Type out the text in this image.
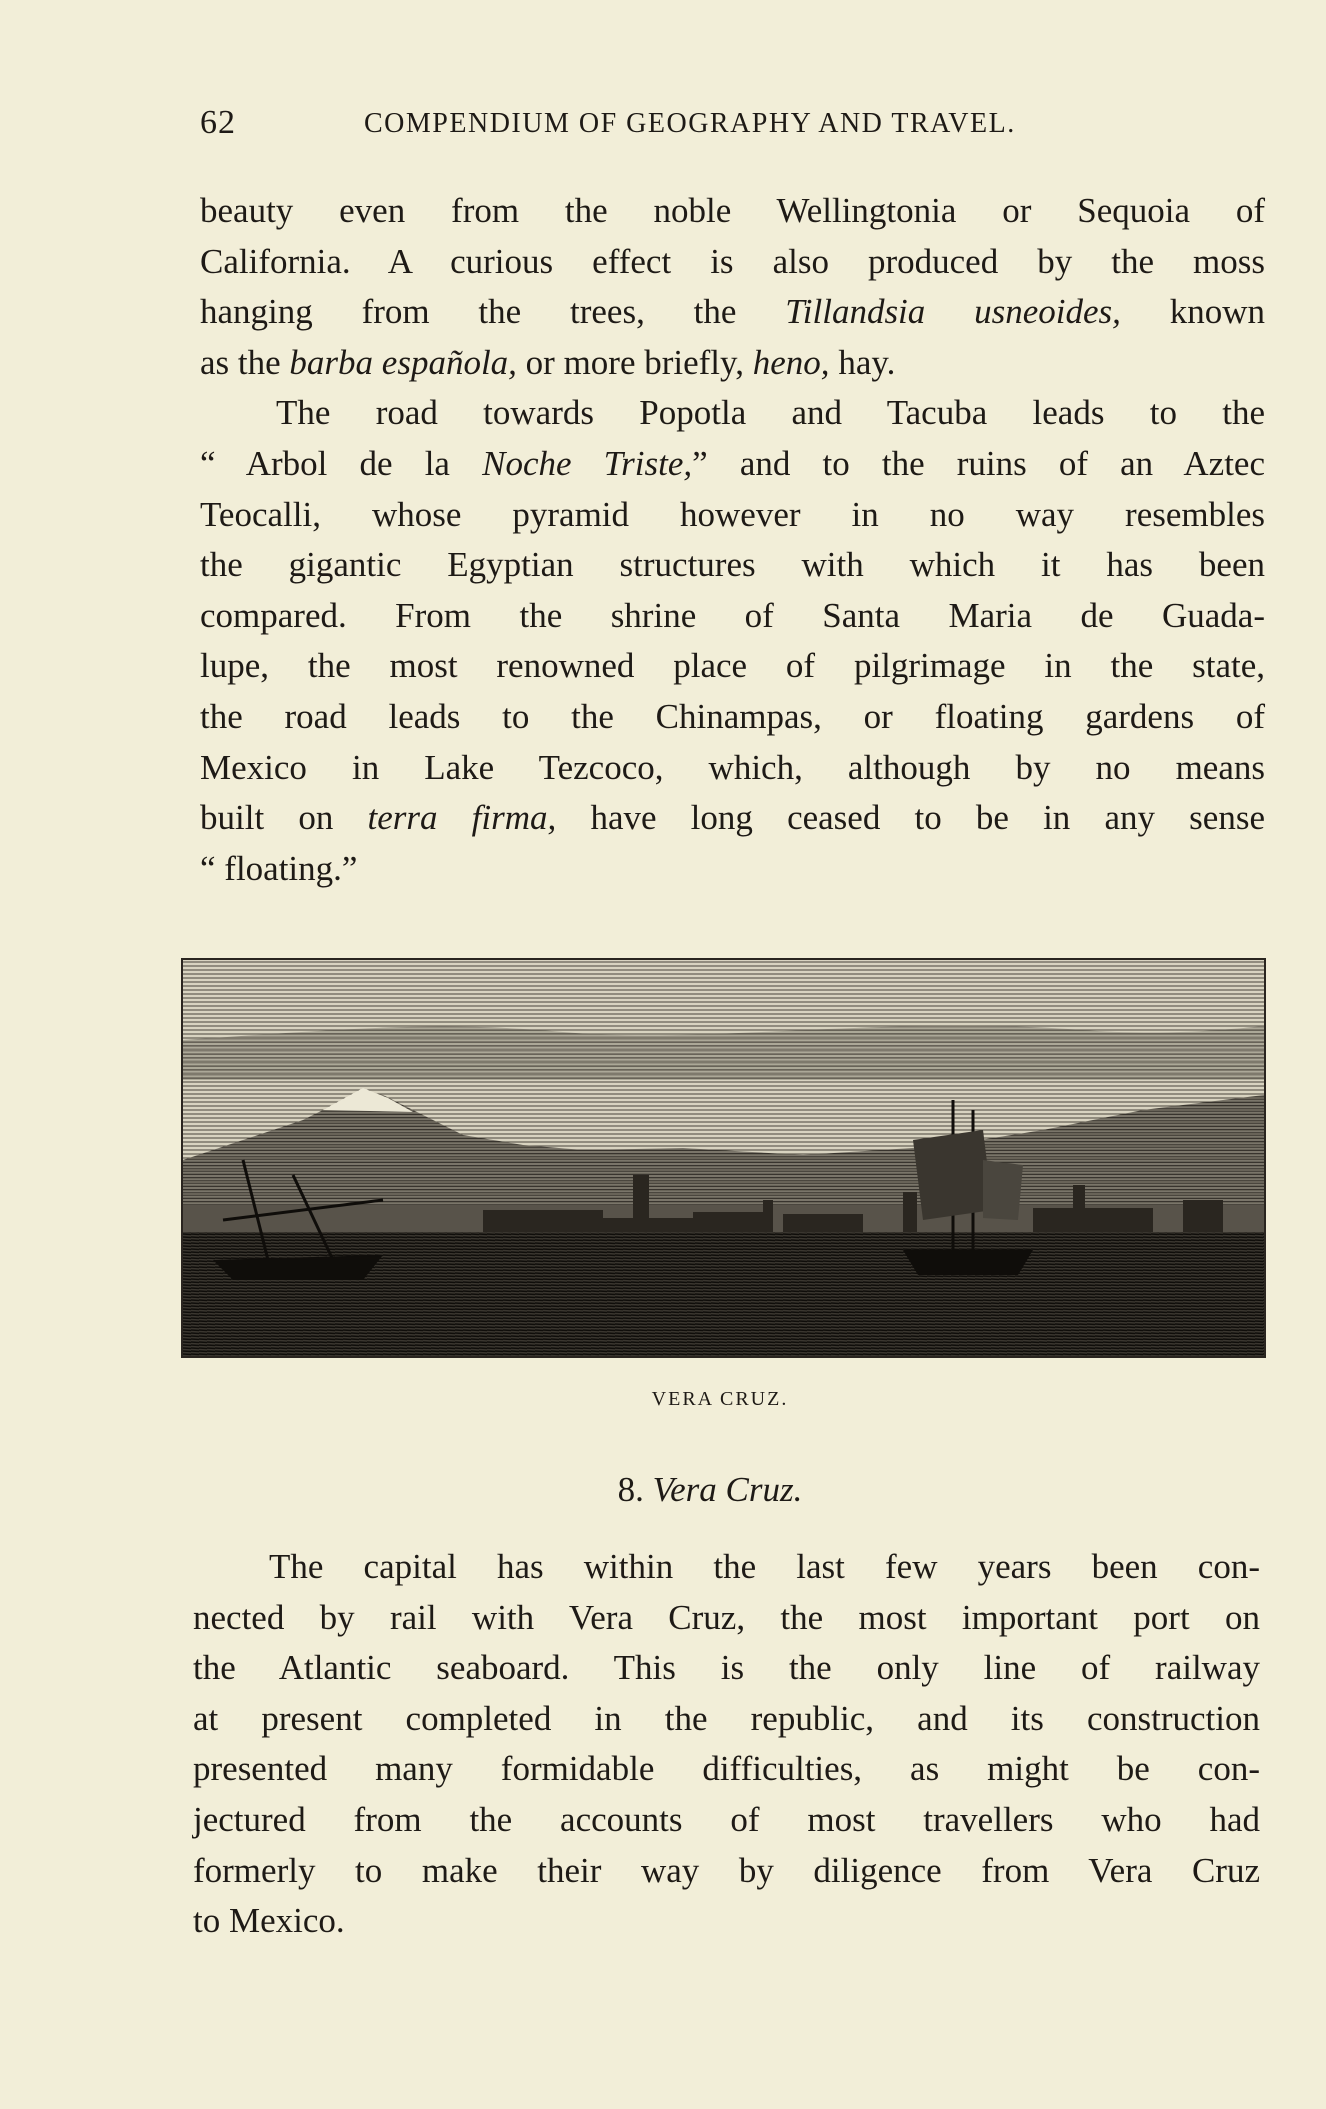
62	COMPENDIUM OF GEOGRAPHY AND TRAVEL.
beauty even from the noble Wellingtonia or Sequoia of
California. A curious effect is also produced by the moss
hanging from the trees, the Tillandsia usneoides, known
as the barba española, or more briefly, heno, hay.
The road towards Popotla and Tacuba leads to the
“ Arbol de la Noche Triste,” and to the ruins of an Aztec
Teocalli, whose pyramid however in no way resembles
the gigantic Egyptian structures with which it has been
compared. From the shrine of Santa Maria de Guada-
lupe, the most renowned place of pilgrimage in the state,
the road leads to the Chinampas, or floating gardens of
Mexico in Lake Tezcoco, which, although by no means
built on terra firma, have long ceased to be in any sense
“ floating.”
VERA CRUZ.
8. Vera Cruz.
The capital has within the last few years been con-
nected by rail with Vera Cruz, the most important port on
the Atlantic seaboard. This is the only line of railway
at present completed in the republic, and its construction
presented many formidable difficulties, as might be con-
jectured from the accounts of most travellers who had
formerly to make their way by diligence from Vera Cruz
to Mexico.
